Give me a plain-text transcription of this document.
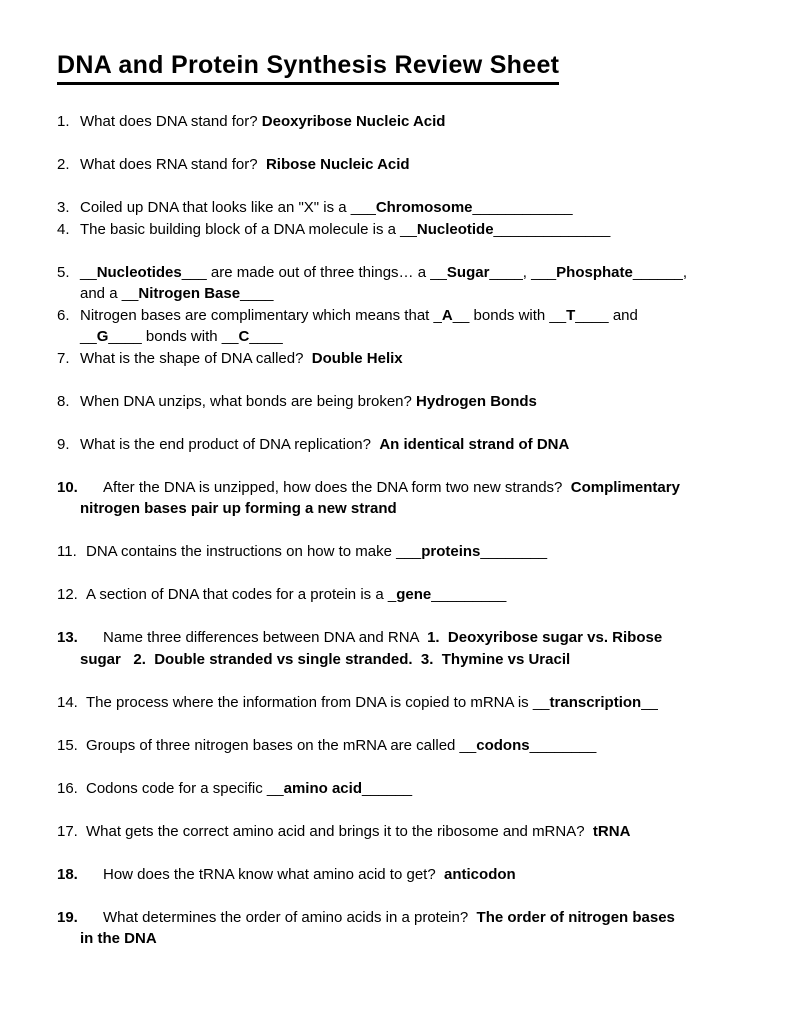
DNA and Protein Synthesis Review Sheet
1. What does DNA stand for? Deoxyribose Nucleic Acid
2. What does RNA stand for?  Ribose Nucleic Acid
3. Coiled up DNA that looks like an "X" is a ___Chromosome____________
4. The basic building block of a DNA molecule is a __Nucleotide______________
5. __Nucleotides___ are made out of three things… a __Sugar____, ___Phosphate______,
and a __Nitrogen Base____
6. Nitrogen bases are complimentary which means that _A__ bonds with __T____ and
__G____ bonds with __C____
7. What is the shape of DNA called?  Double Helix
8. When DNA unzips, what bonds are being broken? Hydrogen Bonds
9. What is the end product of DNA replication?  An identical strand of DNA
10. After the DNA is unzipped, how does the DNA form two new strands?  Complimentary
nitrogen bases pair up forming a new strand
11. DNA contains the instructions on how to make ___proteins________
12. A section of DNA that codes for a protein is a _gene_________
13. Name three differences between DNA and RNA  1.  Deoxyribose sugar vs. Ribose
sugar   2.  Double stranded vs single stranded.  3.  Thymine vs Uracil
14. The process where the information from DNA is copied to mRNA is __transcription__
15. Groups of three nitrogen bases on the mRNA are called __codons________
16. Codons code for a specific __amino acid______
17. What gets the correct amino acid and brings it to the ribosome and mRNA?  tRNA
18. How does the tRNA know what amino acid to get?  anticodon
19. What determines the order of amino acids in a protein?  The order of nitrogen bases
in the DNA
